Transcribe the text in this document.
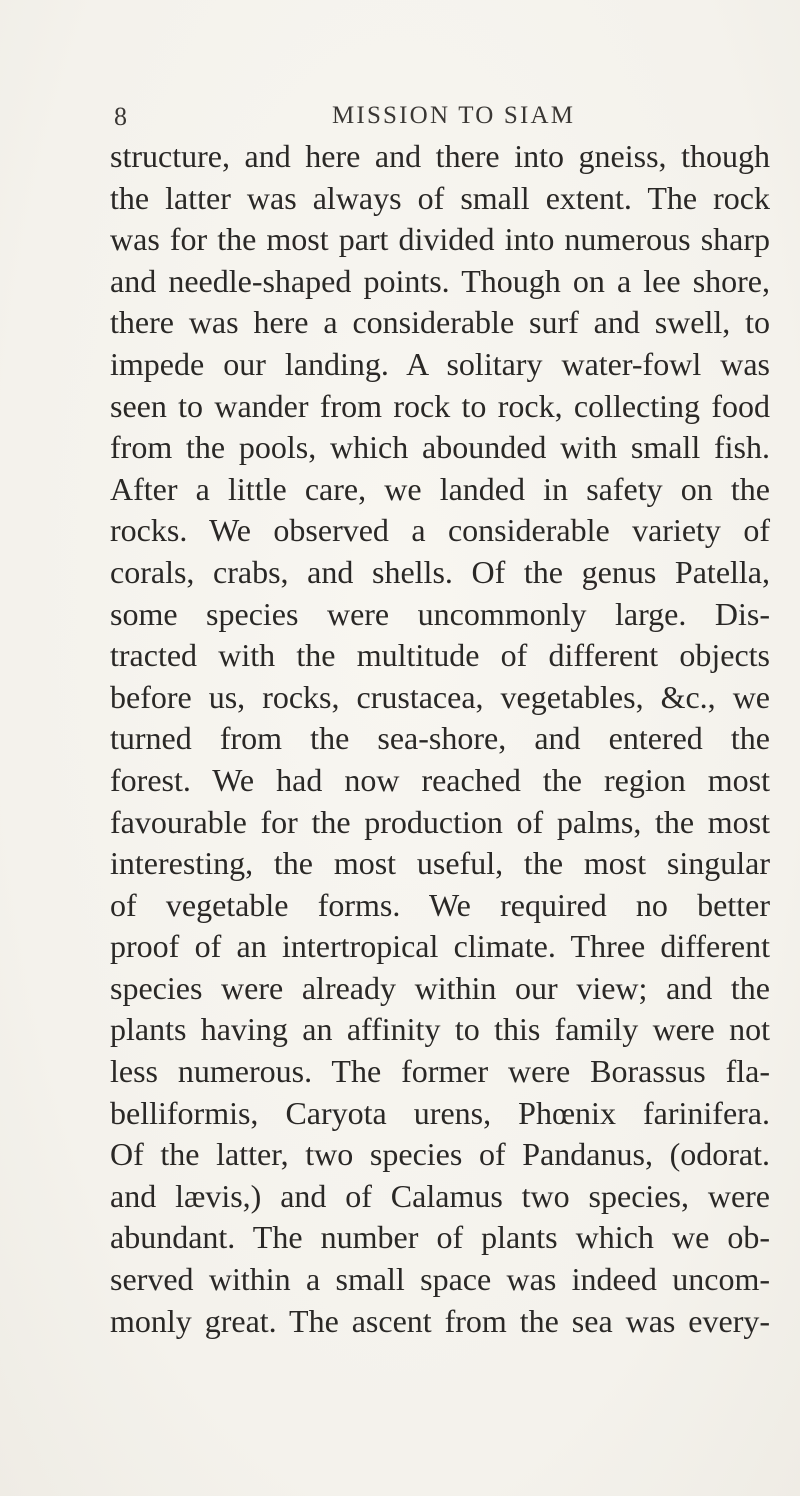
8	MISSION TO SIAM
structure, and here and there into gneiss, though
the latter was always of small extent. The rock
was for the most part divided into numerous sharp
and needle-shaped points. Though on a lee shore,
there was here a considerable surf and swell, to
impede our landing. A solitary water-fowl was
seen to wander from rock to rock, collecting food
from the pools, which abounded with small fish.
After a little care, we landed in safety on the
rocks. We observed a considerable variety of
corals, crabs, and shells. Of the genus Patella,
some species were uncommonly large. Dis-
tracted with the multitude of different objects
before us, rocks, crustacea, vegetables, &c., we
turned from the sea-shore, and entered the
forest. We had now reached the region most
favourable for the production of palms, the most
interesting, the most useful, the most singular
of vegetable forms. We required no better
proof of an intertropical climate. Three different
species were already within our view; and the
plants having an affinity to this family were not
less numerous. The former were Borassus fla-
belliformis, Caryota urens, Phœnix farinifera.
Of the latter, two species of Pandanus, (odorat.
and lævis,) and of Calamus two species, were
abundant. The number of plants which we ob-
served within a small space was indeed uncom-
monly great. The ascent from the sea was every-
